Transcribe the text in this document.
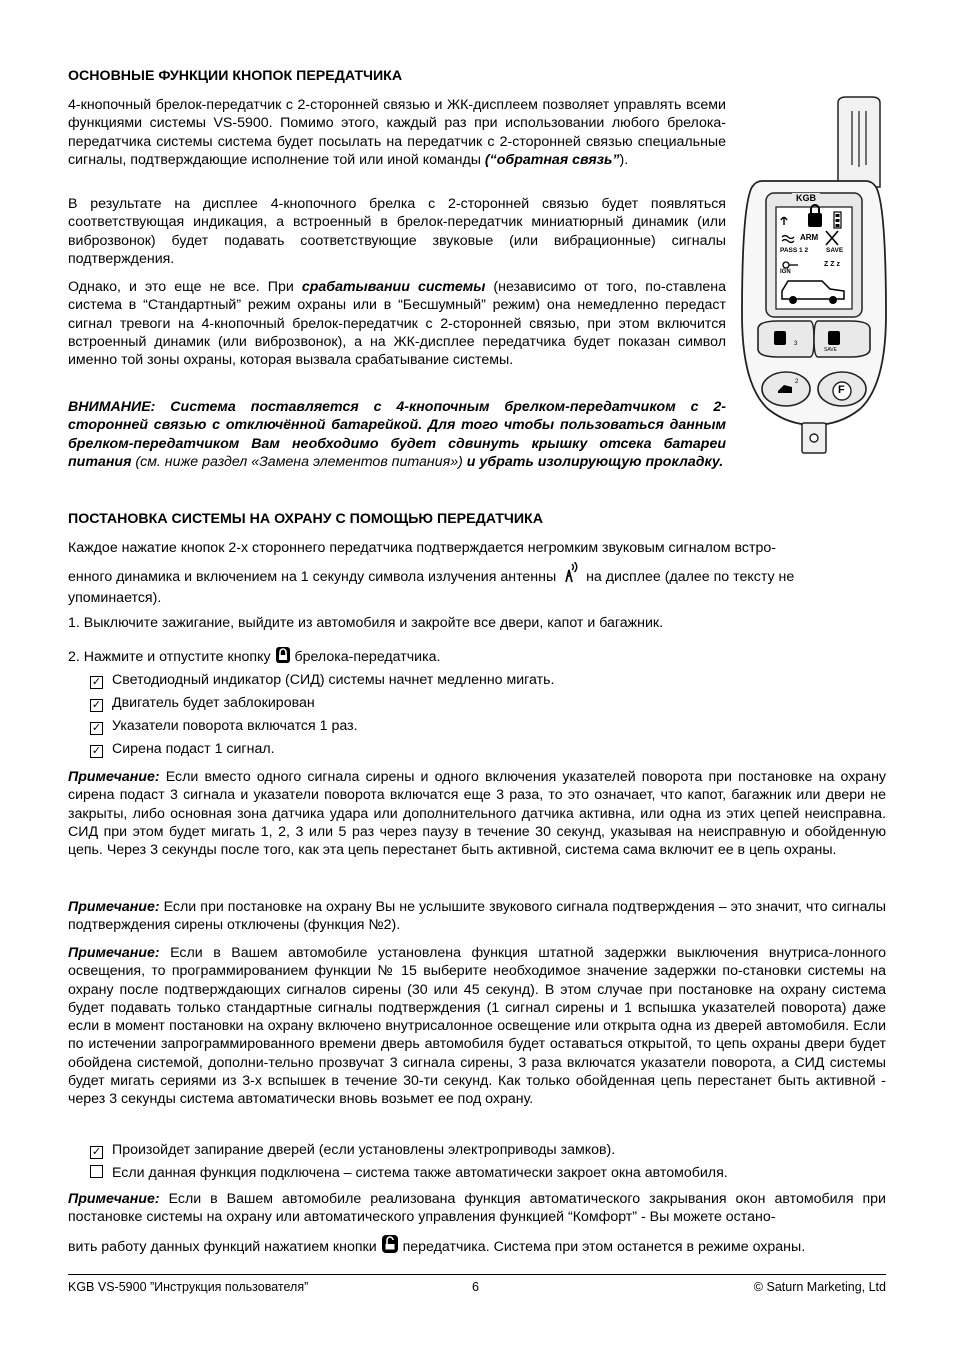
ОСНОВНЫЕ ФУНКЦИИ КНОПОК ПЕРЕДАТЧИКА

4-кнопочный брелок-передатчик с 2-сторонней связью и ЖК-дисплеем позволяет управлять всеми функциями системы VS-5900. Помимо этого, каждый раз при использовании любого брелока-передатчика системы система будет посылать на передатчик с 2-сторонней связью специальные сигналы, подтверждающие исполнение той или иной команды (“обратная связь”).

В результате на дисплее 4-кнопочного брелка с 2-сторонней связью будет появляться соответствующая индикация, а встроенный в брелок-передатчик миниатюрный динамик (или виброзвонок) будет подавать соответствующие звуковые (или вибрационные) сигналы подтверждения.

Однако, и это еще не все. При срабатывании системы (независимо от того, по-ставлена система в “Стандартный” режим охраны или в “Бесшумный” режим) она немедленно передаст сигнал тревоги на 4-кнопочный брелок-передатчик с 2-сторонней связью, при этом включится встроенный динамик (или виброзвонок), а на ЖК-дисплее передатчика будет показан символ именно той зоны охраны, которая вызвала срабатывание системы.

ВНИМАНИЕ: Система поставляется с 4-кнопочным брелком-передатчиком с 2-сторонней связью с отключённой батарейкой. Для того чтобы пользоваться данным брелком-передатчиком Вам необходимо будет сдвинуть крышку отсека батареи питания (см. ниже раздел «Замена элементов питания») и убрать изолирующую прокладку.

ПОСТАНОВКА СИСТЕМЫ НА ОХРАНУ С ПОМОЩЬЮ ПЕРЕДАТЧИКА

Каждое нажатие кнопок 2-х стороннего передатчика подтверждается негромким звуковым сигналом встро-

енного динамика и включением на 1 секунду символа излучения антенны  на дисплее (далее по тексту не упоминается).

1. Выключите зажигание, выйдите из автомобиля и закройте все двери, капот и багажник.

2. Нажмите и отпустите кнопку  брелока-передатчика.

✓ Светодиодный индикатор (СИД) системы начнет медленно мигать.
✓ Двигатель будет заблокирован
✓ Указатели поворота включатся 1 раз.
✓ Сирена подаст 1 сигнал.

Примечание: Если вместо одного сигнала сирены и одного включения указателей поворота при постановке на охрану сирена подаст 3 сигнала и указатели поворота включатся еще 3 раза, то это означает, что капот, багажник или двери не закрыты, либо основная зона датчика удара или дополнительного датчика активна, или одна из этих цепей неисправна. СИД при этом будет мигать 1, 2, 3 или 5 раз через паузу в течение 30 секунд, указывая на неисправную и обойденную цепь. Через 3 секунды после того, как эта цепь перестанет быть активной, система сама включит ее в цепь охраны.

Примечание: Если при постановке на охрану Вы не услышите звукового сигнала подтверждения – это значит, что сигналы подтверждения сирены отключены (функция №2).

Примечание: Если в Вашем автомобиле установлена функция штатной задержки выключения внутриса-лонного освещения, то программированием функции № 15 выберите необходимое значение задержки по-становки системы на охрану после подтверждающих сигналов сирены (30 или 45 секунд). В этом случае при постановке на охрану система будет подавать только стандартные сигналы подтверждения (1 сигнал сирены и 1 вспышка указателей поворота) даже если в момент постановки на охрану включено внутрисалонное освещение или открыта одна из дверей автомобиля. Если по истечении запрограммированного времени дверь автомобиля будет оставаться открытой, то цепь охраны двери будет обойдена системой, дополни-тельно прозвучат 3 сигнала сирены, 3 раза включатся указатели поворота, а СИД системы будет мигать сериями из 3-х вспышек в течение 30-ти секунд. Как только обойденная цепь перестанет быть активной - через 3 секунды система автоматически вновь возьмет ее под охрану.

✓ Произойдет запирание дверей (если установлены электроприводы замков).
Если данная функция подключена – система также автоматически закроет окна автомобиля.

Примечание: Если в Вашем автомобиле реализована функция автоматического закрывания окон автомобиля при постановке системы на охрану или автоматического управления функцией “Комфорт” - Вы можете остано-

вить работу данных функций нажатием кнопки  передатчика. Система при этом останется в режиме охраны.

KGB
ARM
PASS 1 2	SAVE
IGN
Z Z z
3
SAVE
2
F
KGB VS-5900 ”Инструкция пользователя”	6	© Saturn Marketing, Ltd
